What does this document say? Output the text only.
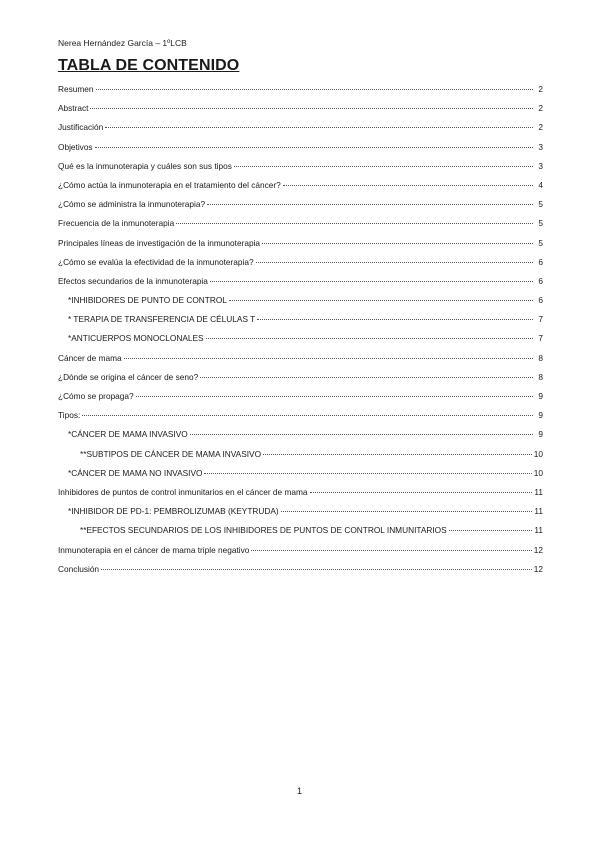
Nerea Hernández García – 1ºLCB
TABLA DE CONTENIDO
Resumen	2
Abstract	2
Justificación	2
Objetivos	3
Qué es la inmunoterapia y cuáles son sus tipos	3
¿Cómo actúa la inmunoterapia en el tratamiento del cáncer?	4
¿Cómo se administra la inmunoterapia?	5
Frecuencia de la inmunoterapia	5
Principales líneas de investigación de la inmunoterapia	5
¿Cómo se evalúa la efectividad de la inmunoterapia?	6
Efectos secundarios de la inmunoterapia	6
*INHIBIDORES DE PUNTO DE CONTROL	6
* TERAPIA DE TRANSFERENCIA DE CÉLULAS T	7
*ANTICUERPOS MONOCLONALES	7
Cáncer de mama	8
¿Dónde se origina el cáncer de seno?	8
¿Cómo se propaga?	9
Tipos:	9
*CÁNCER DE MAMA INVASIVO	9
**SUBTIPOS DE CÁNCER DE MAMA INVASIVO	10
*CÁNCER DE MAMA NO INVASIVO	10
Inhibidores de puntos de control inmunitarios en el cáncer de mama	11
*INHIBIDOR DE PD-1: PEMBROLIZUMAB (KEYTRUDA)	11
**EFECTOS SECUNDARIOS DE LOS INHIBIDORES DE PUNTOS DE CONTROL INMUNITARIOS	11
Inmunoterapia en el cáncer de mama triple negativo	12
Conclusión	12
1
